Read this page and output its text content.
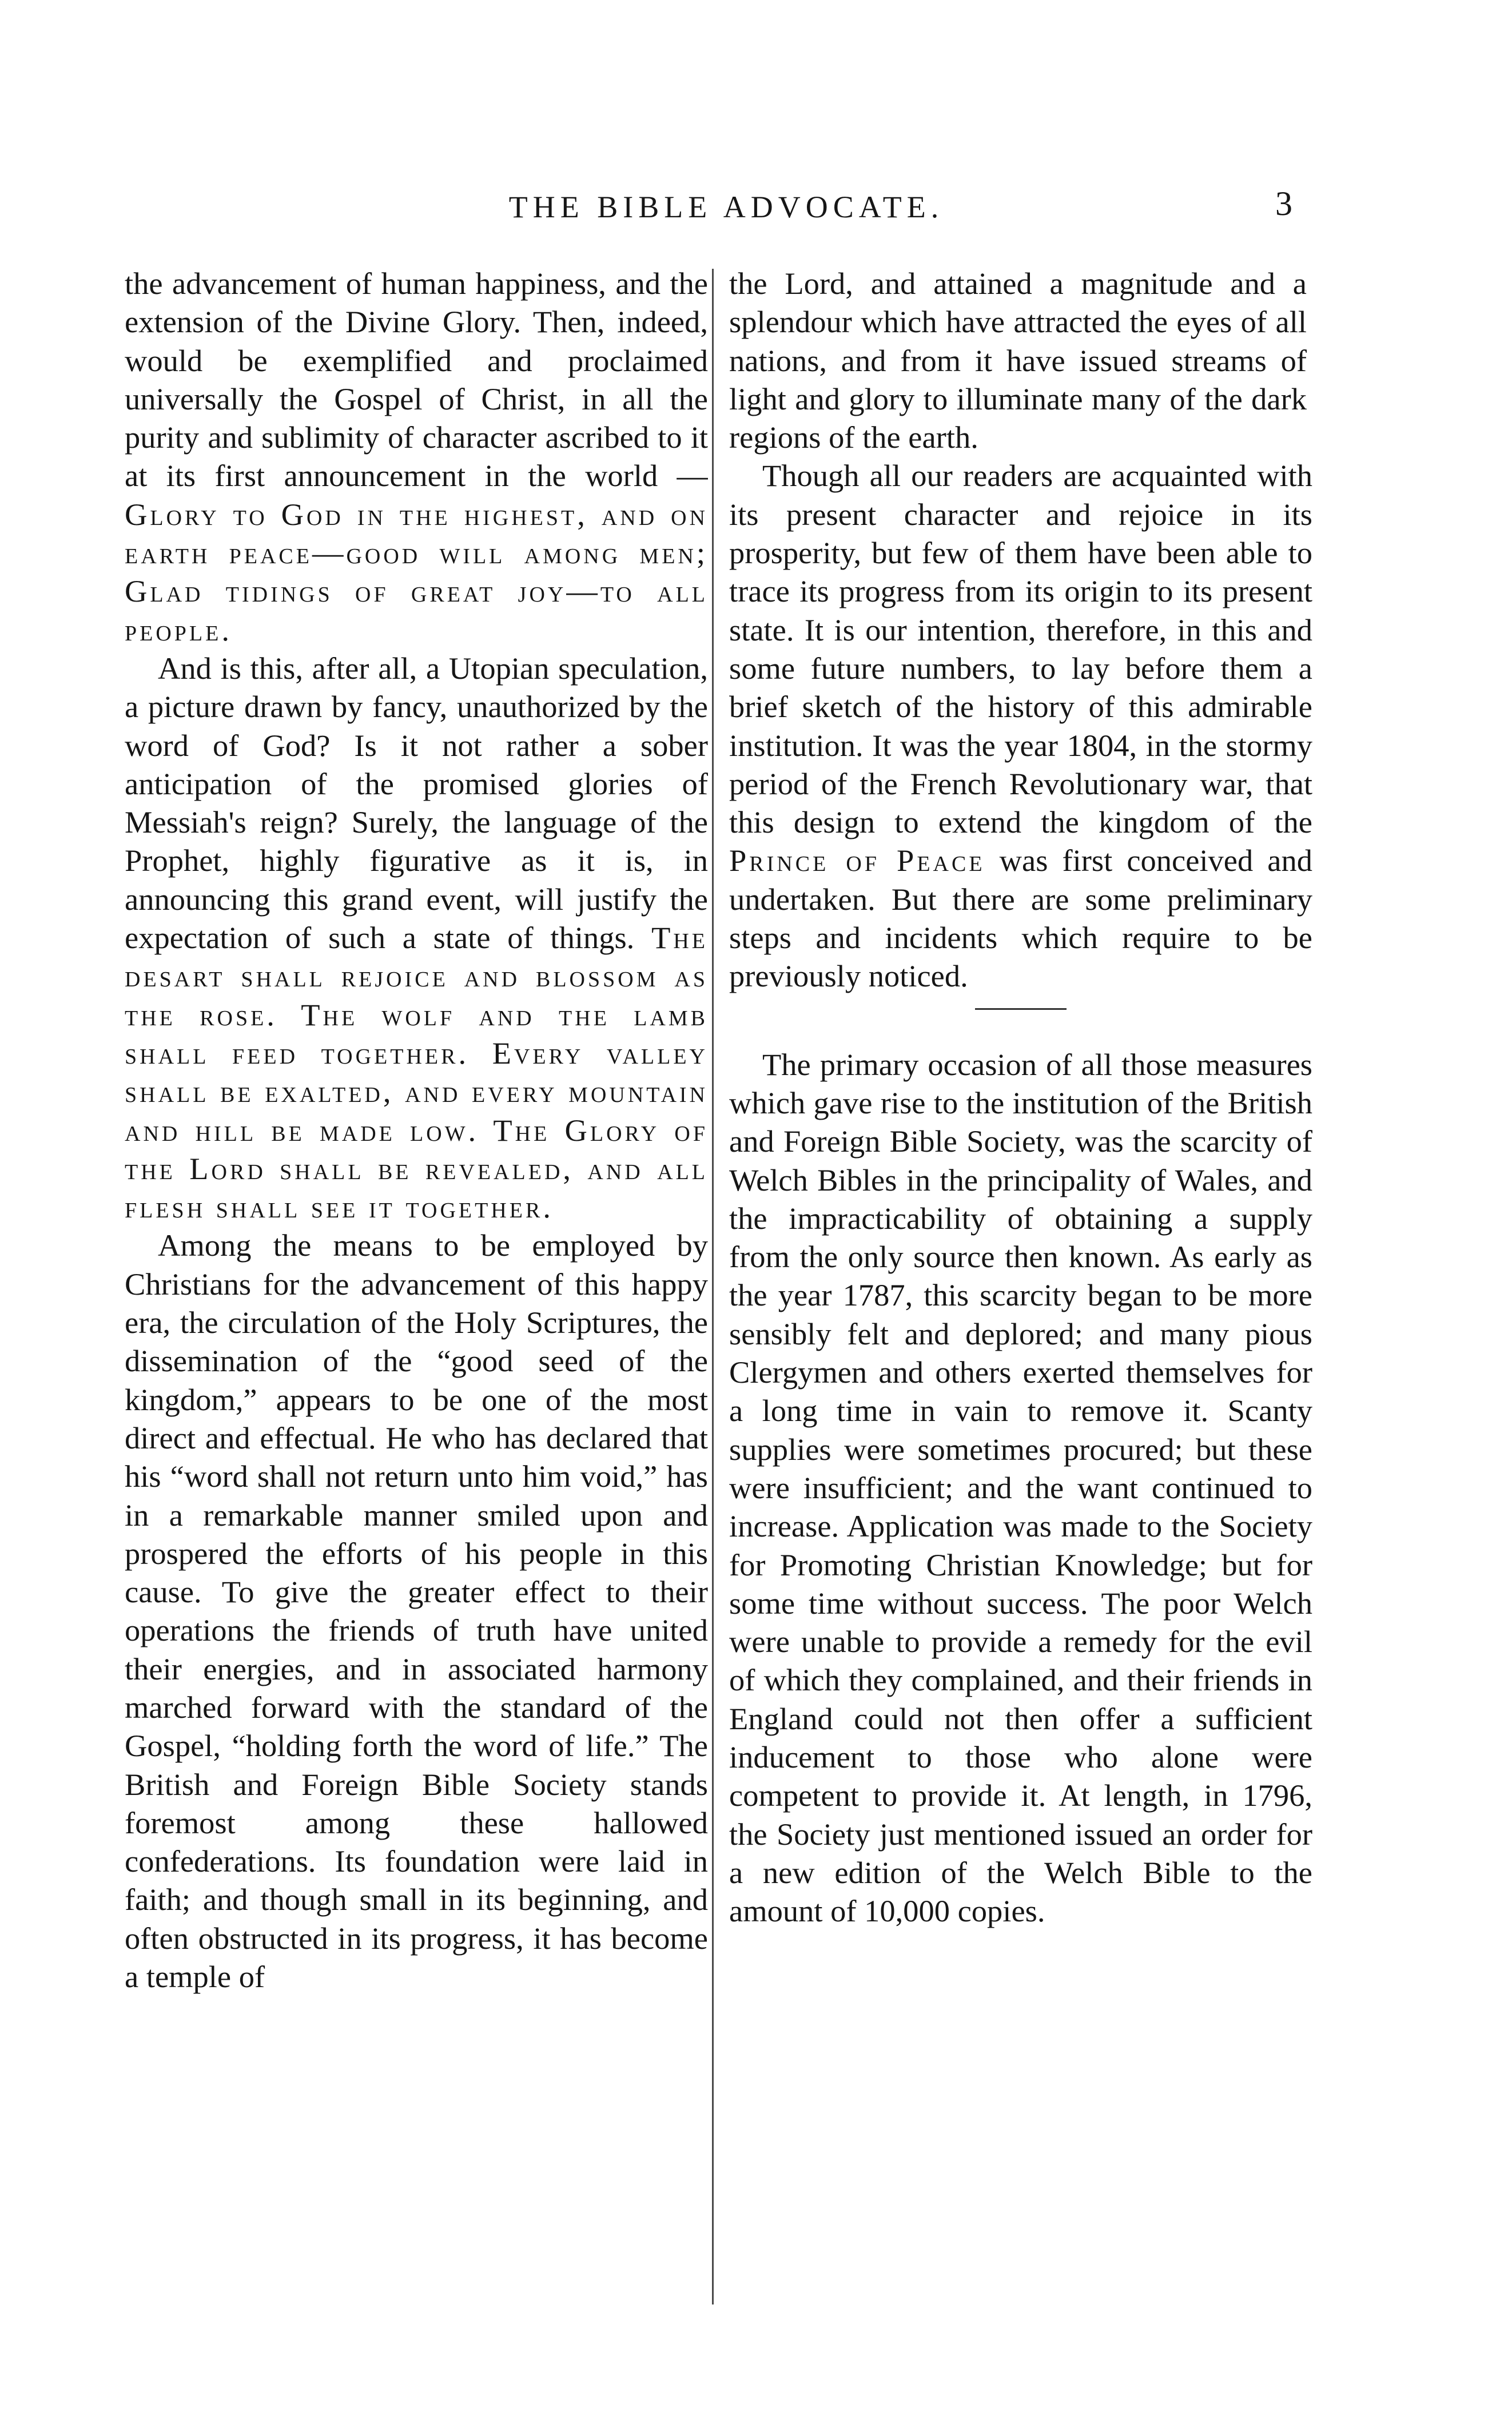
THE BIBLE ADVOCATE.	3

the advancement of human happiness, and the extension of the Divine Glory. Then, indeed, would be exemplified and proclaimed universally the Gospel of Christ, in all the purity and sublimity of character ascribed to it at its first announcement in the world —Glory to God in the highest, and on earth peace—good will among men; Glad tidings of great joy—to all people.

And is this, after all, a Utopian speculation, a picture drawn by fancy, unauthorized by the word of God? Is it not rather a sober anticipation of the promised glories of Messiah's reign? Surely, the language of the Prophet, highly figurative as it is, in announcing this grand event, will justify the expectation of such a state of things. The desart shall rejoice and blossom as the rose. The wolf and the lamb shall feed together. Every valley shall be exalted, and every mountain and hill be made low. The Glory of the Lord shall be revealed, and all flesh shall see it together.

Among the means to be employed by Christians for the advancement of this happy era, the circulation of the Holy Scriptures, the dissemination of the “good seed of the kingdom,” appears to be one of the most direct and effectual. He who has declared that his “word shall not return unto him void,” has in a remarkable manner smiled upon and prospered the efforts of his people in this cause. To give the greater effect to their operations the friends of truth have united their energies, and in associated harmony marched forward with the standard of the Gospel, “holding forth the word of life.” The British and Foreign Bible Society stands foremost among these hallowed confederations. Its foundation were laid in faith; and though small in its beginning, and often obstructed in its progress, it has become a temple of

the Lord, and attained a magnitude and a splendour which have attracted the eyes of all nations, and from it have issued streams of light and glory to illuminate many of the dark regions of the earth.

Though all our readers are acquainted with its present character and rejoice in its prosperity, but few of them have been able to trace its progress from its origin to its present state. It is our intention, therefore, in this and some future numbers, to lay before them a brief sketch of the history of this admirable institution. It was the year 1804, in the stormy period of the French Revolutionary war, that this design to extend the kingdom of the Prince of Peace was first conceived and undertaken. But there are some preliminary steps and incidents which require to be previously noticed.

The primary occasion of all those measures which gave rise to the institution of the British and Foreign Bible Society, was the scarcity of Welch Bibles in the principality of Wales, and the impracticability of obtaining a supply from the only source then known. As early as the year 1787, this scarcity began to be more sensibly felt and deplored; and many pious Clergymen and others exerted themselves for a long time in vain to remove it. Scanty supplies were sometimes procured; but these were insufficient; and the want continued to increase. Application was made to the Society for Promoting Christian Knowledge; but for some time without success. The poor Welch were unable to provide a remedy for the evil of which they complained, and their friends in England could not then offer a sufficient inducement to those who alone were competent to provide it. At length, in 1796, the Society just mentioned issued an order for a new edition of the Welch Bible to the amount of 10,000 copies.
